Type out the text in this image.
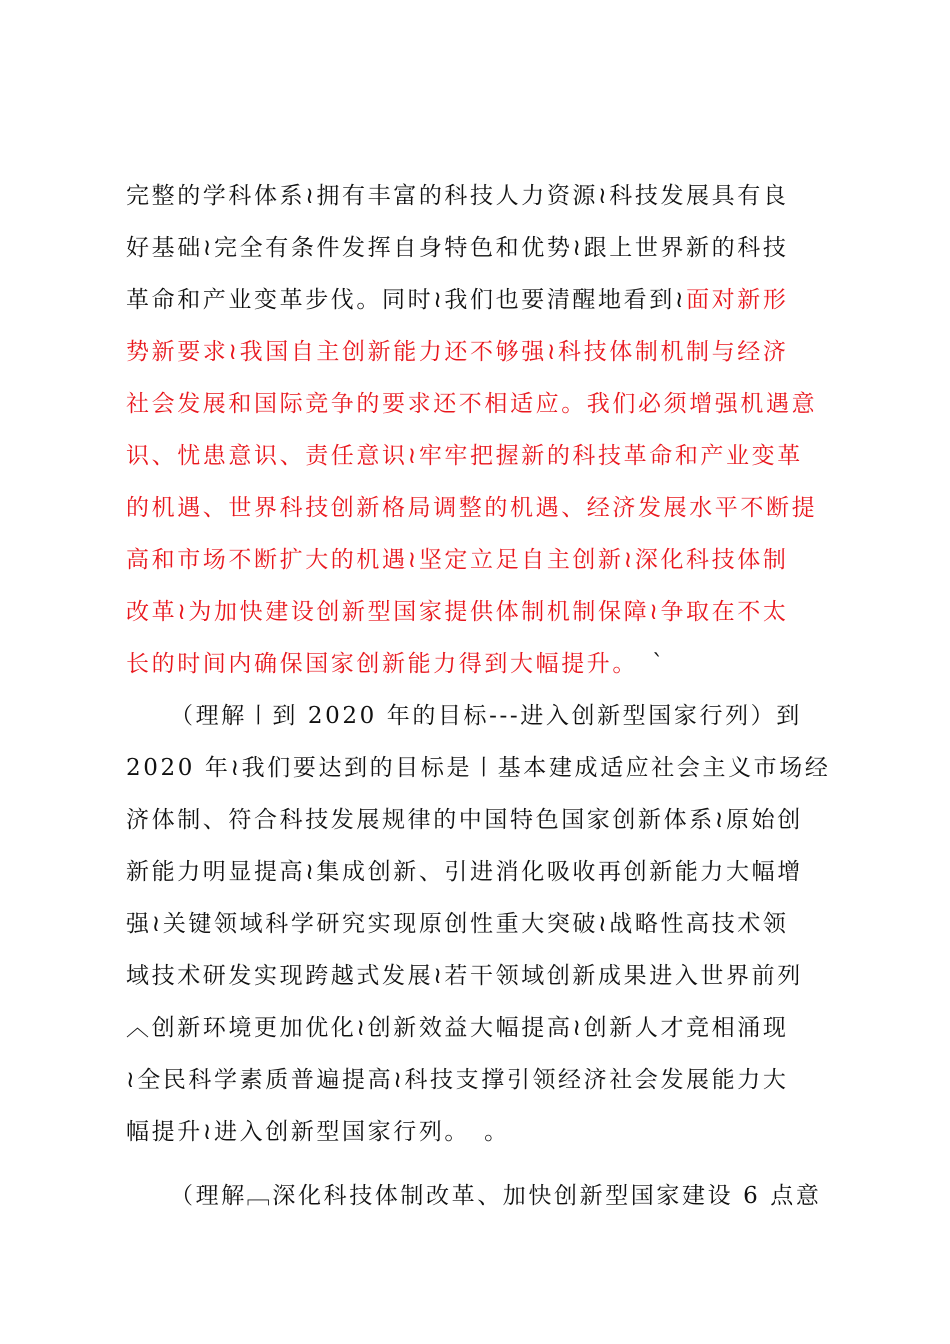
完整的学科体系≀拥有丰富的科技人力资源≀科技发展具有良
好基础≀完全有条件发挥自身特色和优势≀跟上世界新的科技
革命和产业变革步伐。同时≀我们也要清醒地看到≀面对新形
势新要求≀我国自主创新能力还不够强≀科技体制机制与经济
社会发展和国际竞争的要求还不相适应。我们必须增强机遇意
识、忧患意识、责任意识≀牢牢把握新的科技革命和产业变革
的机遇、世界科技创新格局调整的机遇、经济发展水平不断提
高和市场不断扩大的机遇≀坚定立足自主创新≀深化科技体制
改革≀为加快建设创新型国家提供体制机制保障≀争取在不太
长的时间内确保国家创新能力得到大幅提升。　`
（理解〡到 2020 年的目标---进入创新型国家行列）到
2020 年≀我们要达到的目标是〡基本建成适应社会主义市场经
济体制、符合科技发展规律的中国特色国家创新体系≀原始创
新能力明显提高≀集成创新、引进消化吸收再创新能力大幅增
强≀关键领域科学研究实现原创性重大突破≀战略性高技术领
域技术研发实现跨越式发展≀若干领域创新成果进入世界前列
︿创新环境更加优化≀创新效益大幅提高≀创新人才竞相涌现
≀全民科学素质普遍提高≀科技支撑引领经济社会发展能力大
幅提升≀进入创新型国家行列。　。
（理解﹇深化科技体制改革、加快创新型国家建设 6 点意
